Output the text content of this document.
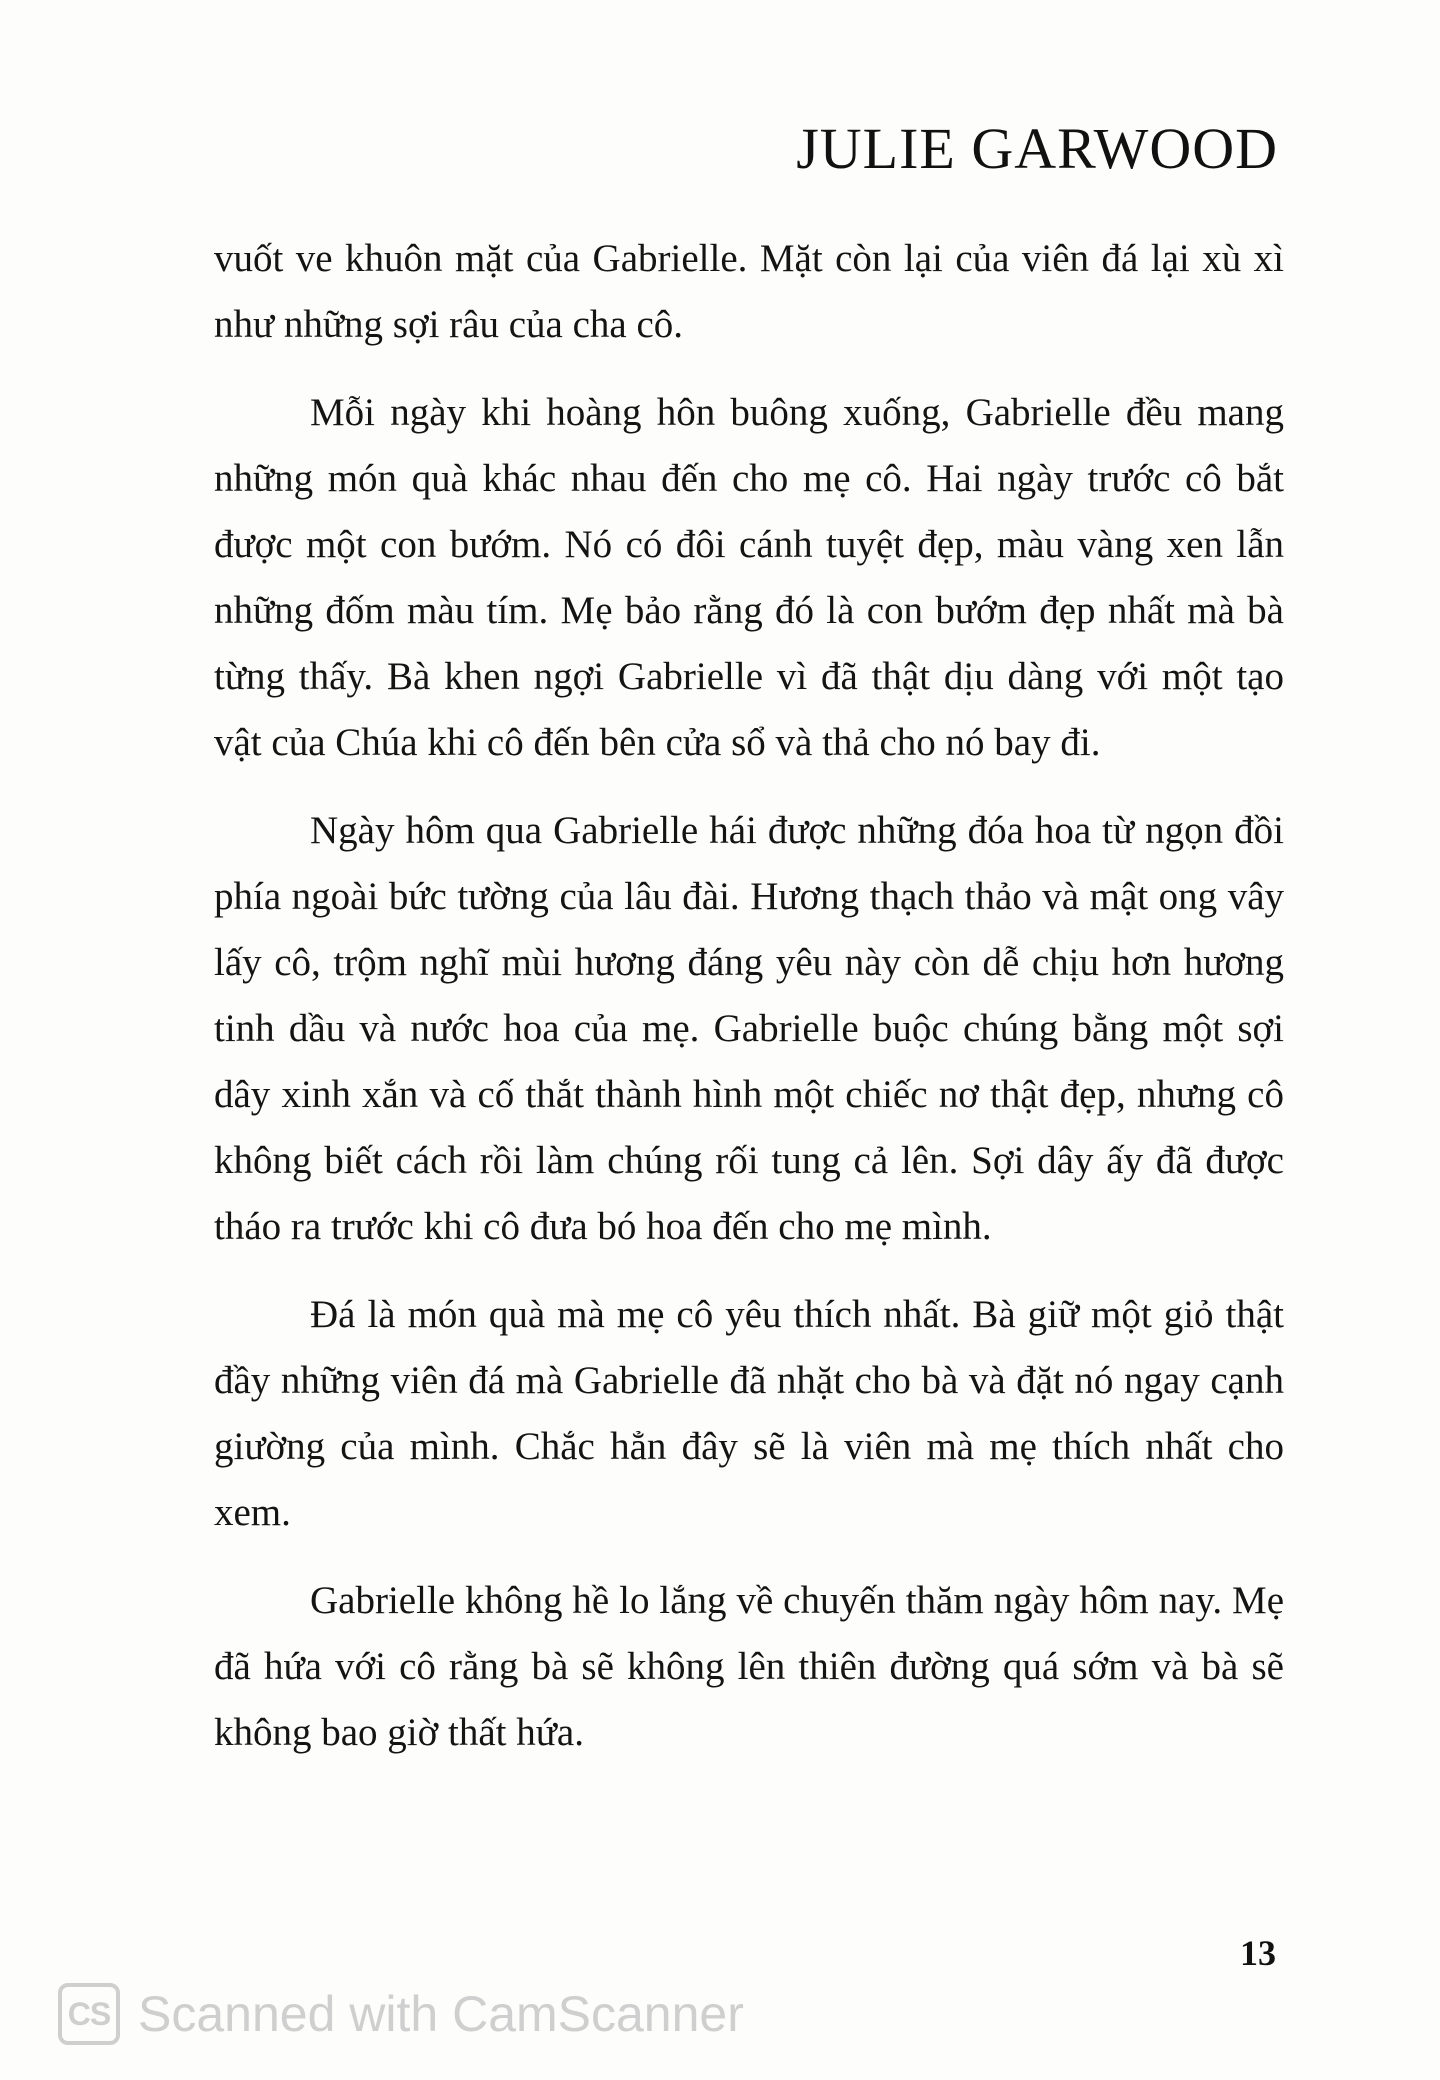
JULIE GARWOOD

vuốt ve khuôn mặt của Gabrielle. Mặt còn lại của viên đá lại xù xì như những sợi râu của cha cô.

Mỗi ngày khi hoàng hôn buông xuống, Gabrielle đều mang những món quà khác nhau đến cho mẹ cô. Hai ngày trước cô bắt được một con bướm. Nó có đôi cánh tuyệt đẹp, màu vàng xen lẫn những đốm màu tím. Mẹ bảo rằng đó là con bướm đẹp nhất mà bà từng thấy. Bà khen ngợi Gabrielle vì đã thật dịu dàng với một tạo vật của Chúa khi cô đến bên cửa sổ và thả cho nó bay đi.

Ngày hôm qua Gabrielle hái được những đóa hoa từ ngọn đồi phía ngoài bức tường của lâu đài. Hương thạch thảo và mật ong vây lấy cô, trộm nghĩ mùi hương đáng yêu này còn dễ chịu hơn hương tinh dầu và nước hoa của mẹ. Gabrielle buộc chúng bằng một sợi dây xinh xắn và cố thắt thành hình một chiếc nơ thật đẹp, nhưng cô không biết cách rồi làm chúng rối tung cả lên. Sợi dây ấy đã được tháo ra trước khi cô đưa bó hoa đến cho mẹ mình.

Đá là món quà mà mẹ cô yêu thích nhất. Bà giữ một giỏ thật đầy những viên đá mà Gabrielle đã nhặt cho bà và đặt nó ngay cạnh giường của mình. Chắc hẳn đây sẽ là viên mà mẹ thích nhất cho xem.

Gabrielle không hề lo lắng về chuyến thăm ngày hôm nay. Mẹ đã hứa với cô rằng bà sẽ không lên thiên đường quá sớm và bà sẽ không bao giờ thất hứa.

13
CS Scanned with CamScanner
